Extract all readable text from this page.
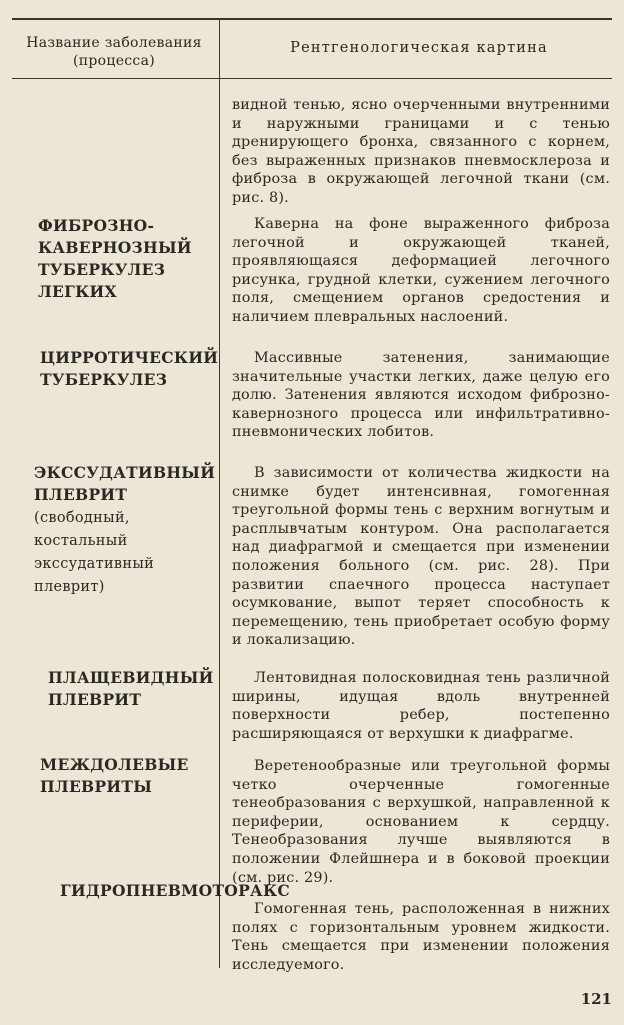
Название заболевания (процесса)
Рентгенологическая картина
видной тенью, ясно очерченными внутренними и наружными границами и с тенью дренирующего бронха, связанного с корнем, без выраженных признаков пневмосклероза и фиброза в окружающей легочной ткани (см. рис. 8).
ФИБРОЗНО-КАВЕРНОЗНЫЙ ТУБЕРКУЛЕЗ ЛЕГКИХ
Каверна на фоне выраженного фиброза легочной и окружающей тканей, проявляющаяся деформацией легочного рисунка, грудной клетки, сужением легочного поля, смещением органов средостения и наличием плевральных наслоений.
ЦИРРОТИЧЕСКИЙ ТУБЕРКУЛЕЗ
Массивные затенения, занимающие значительные участки легких, даже целую его долю. Затенения являются исходом фиброзно-кавернозного процесса или инфильтративно-пневмонических лобитов.
ЭКССУДАТИВНЫЙ ПЛЕВРИТ (свободный, костальный экссудативный плеврит)
В зависимости от количества жидкости на снимке будет интенсивная, гомогенная треугольной формы тень с верхним вогнутым и расплывчатым контуром. Она располагается над диафрагмой и смещается при изменении положения больного (см. рис. 28). При развитии спаечного процесса наступает осумкование, выпот теряет способность к перемещению, тень приобретает особую форму и локализацию.
ПЛАЩЕВИДНЫЙ ПЛЕВРИТ
Лентовидная полосковидная тень различной ширины, идущая вдоль внутренней поверхности ребер, постепенно расширяющаяся от верхушки к диафрагме.
МЕЖДОЛЕВЫЕ ПЛЕВРИТЫ
Веретенообразные или треугольной формы четко очерченные гомогенные тенеобразования с верхушкой, направленной к периферии, основанием к сердцу. Тенеобразования лучше выявляются в положении Флейшнера и в боковой проекции (см. рис. 29).
ГИДРОПНЕВМОТОРАКС
Гомогенная тень, расположенная в нижних полях с горизонтальным уровнем жидкости. Тень смещается при изменении положения исследуемого.
121
